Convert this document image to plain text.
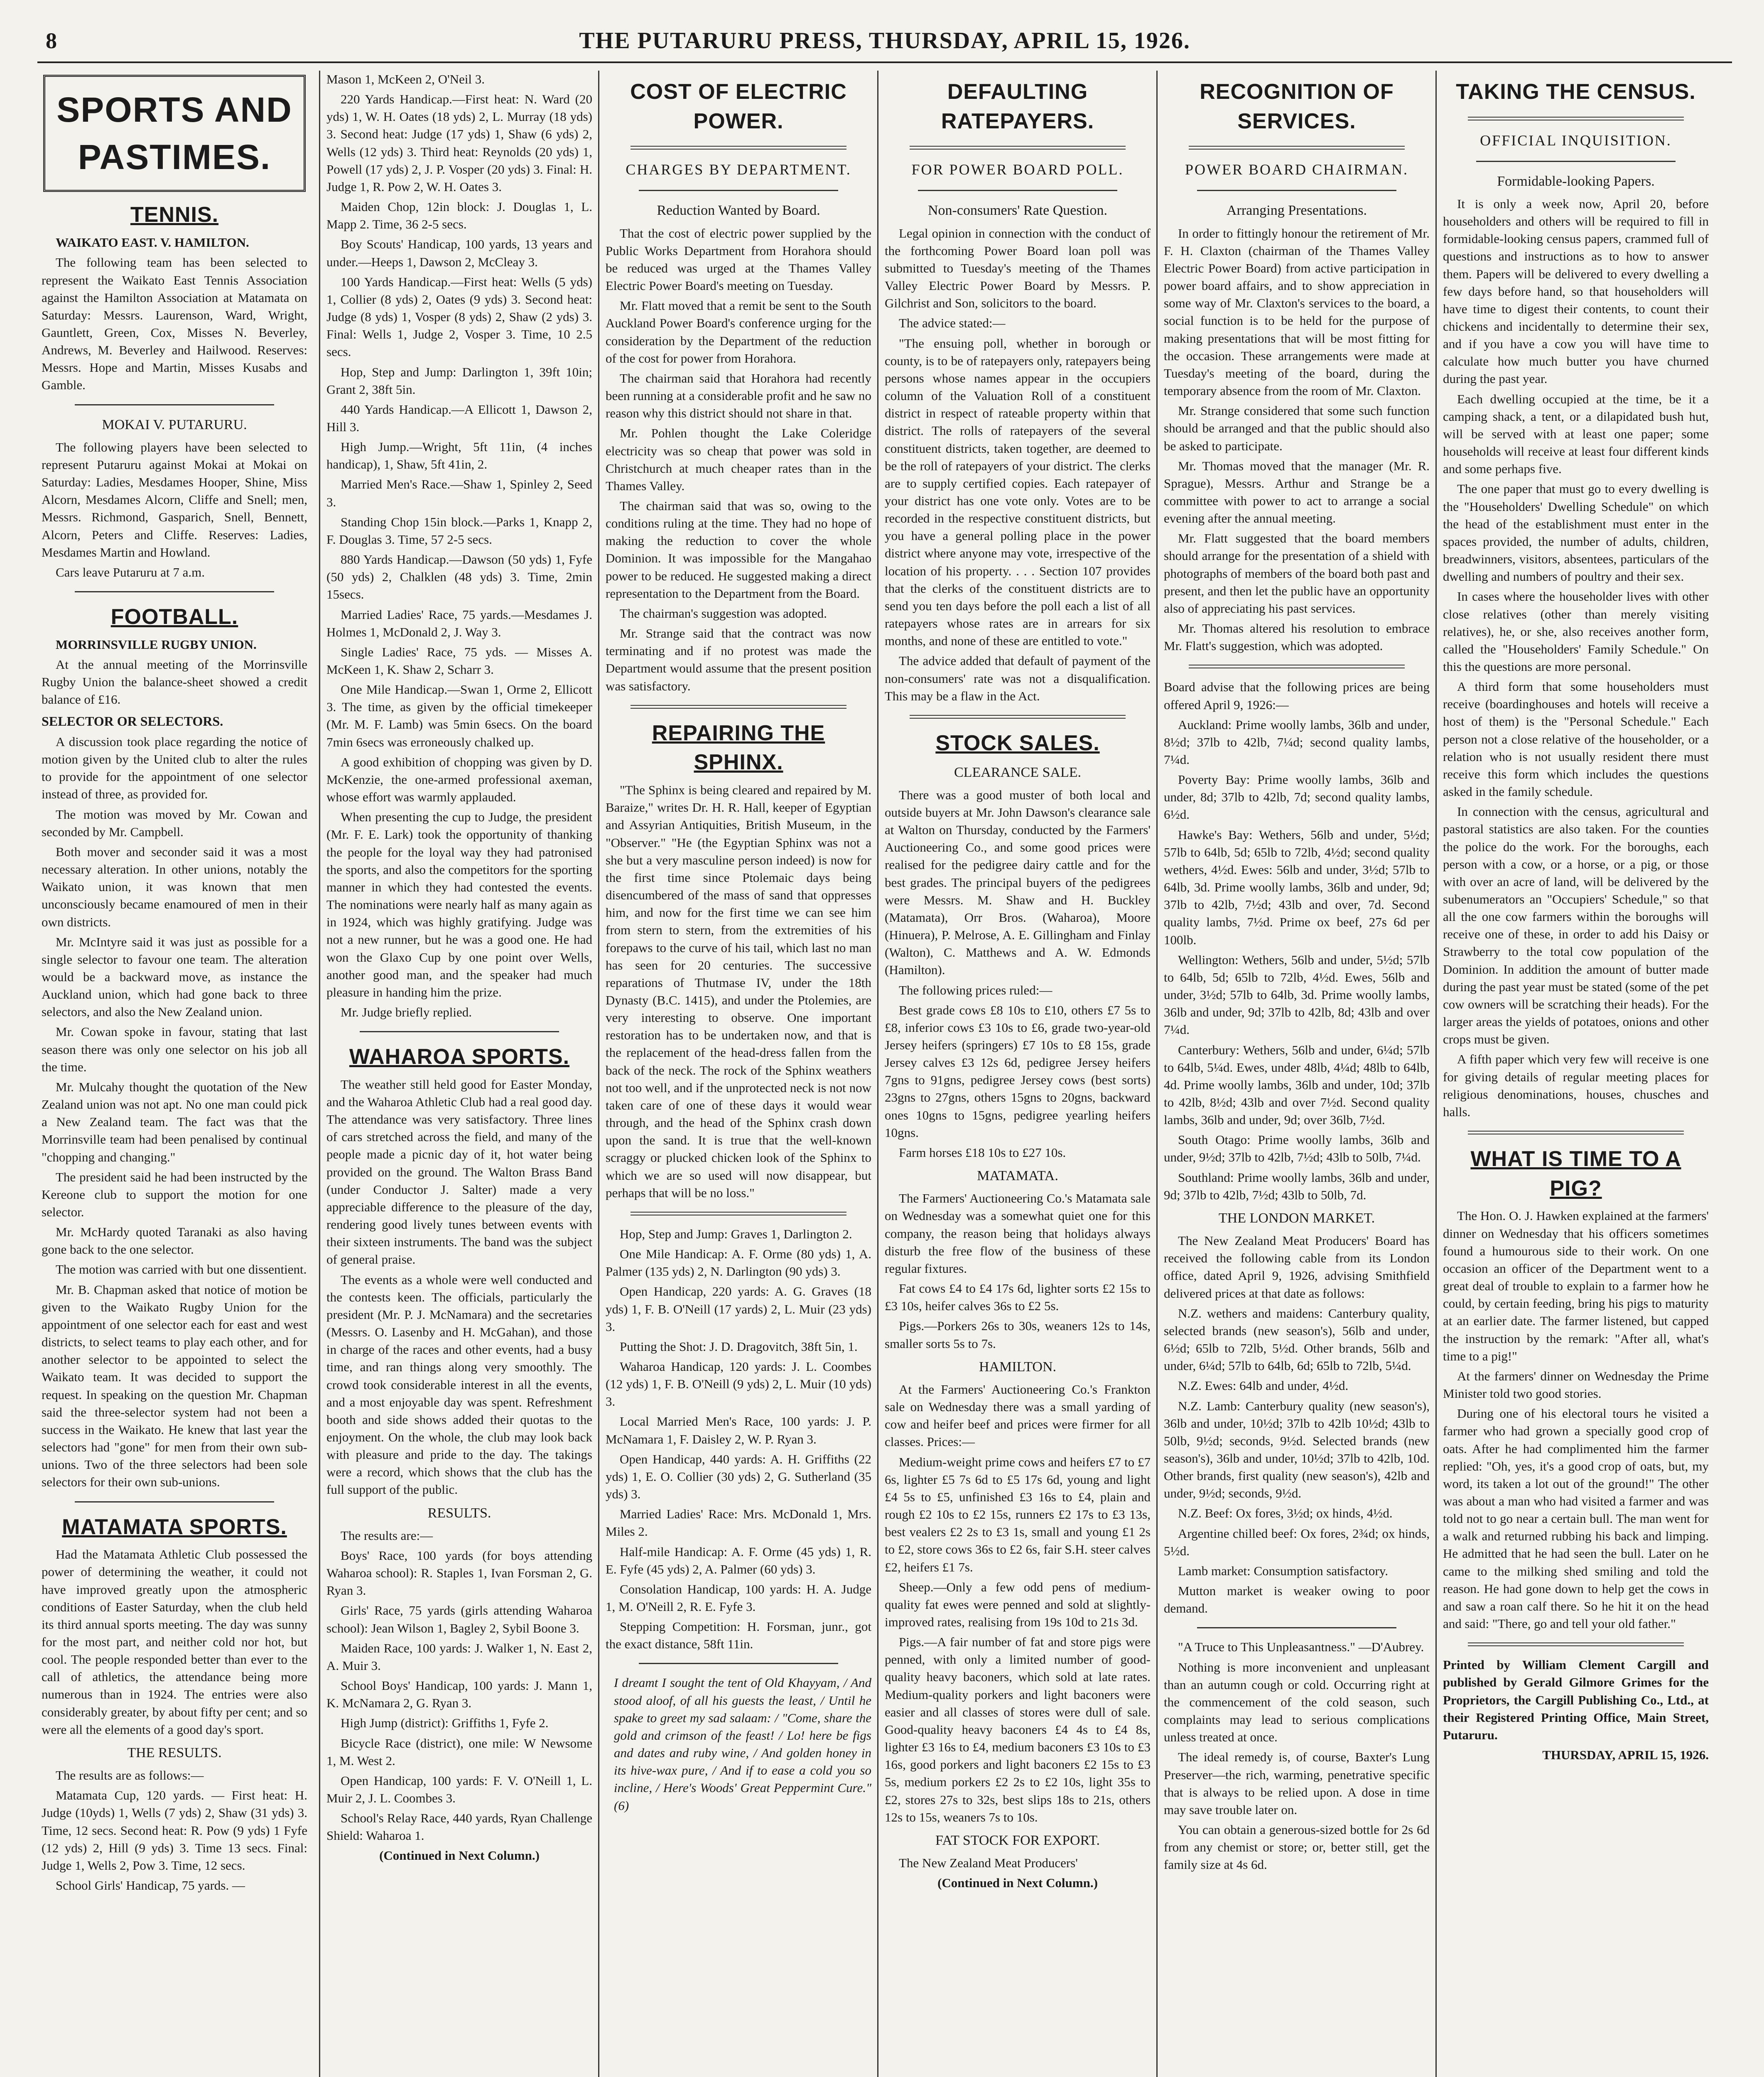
8	THE PUTARURU PRESS, THURSDAY, APRIL 15, 1926.
SPORTS AND PASTIMES.
TENNIS.

WAIKATO EAST. V. HAMILTON.

The following team has been selected to represent the Waikato East Tennis Association against the Hamilton Association at Matamata on Saturday: Messrs. Laurenson, Ward, Wright, Gauntlett, Green, Cox, Misses N. Beverley, Andrews, M. Beverley and Hailwood. Reserves: Messrs. Hope and Martin, Misses Kusabs and Gamble.

MOKAI V. PUTARURU.

The following players have been selected to represent Putaruru against Mokai at Mokai on Saturday: Ladies, Mesdames Hooper, Shine, Miss Alcorn, Mesdames Alcorn, Cliffe and Snell; men, Messrs. Richmond, Gasparich, Snell, Bennett, Alcorn, Peters and Cliffe. Reserves: Ladies, Mesdames Martin and Howland.

Cars leave Putaruru at 7 a.m.

FOOTBALL.

MORRINSVILLE RUGBY UNION.

At the annual meeting of the Morrinsville Rugby Union the balance-sheet showed a credit balance of £16.

SELECTOR OR SELECTORS.

A discussion took place regarding the notice of motion given by the United club to alter the rules to provide for the appointment of one selector instead of three, as provided for.

The motion was moved by Mr. Cowan and seconded by Mr. Campbell.

Both mover and seconder said it was a most necessary alteration. In other unions, notably the Waikato union, it was known that men unconsciously became enamoured of men in their own districts.

Mr. McIntyre said it was just as possible for a single selector to favour one team. The alteration would be a backward move, as instance the Auckland union, which had gone back to three selectors, and also the New Zealand union.

Mr. Cowan spoke in favour, stating that last season there was only one selector on his job all the time.

Mr. Mulcahy thought the quotation of the New Zealand union was not apt. No one man could pick a New Zealand team. The fact was that the Morrinsville team had been penalised by continual "chopping and changing."

The president said he had been instructed by the Kereone club to support the motion for one selector.

Mr. McHardy quoted Taranaki as also having gone back to the one selector.

The motion was carried with but one dissentient.

Mr. B. Chapman asked that notice of motion be given to the Waikato Rugby Union for the appointment of one selector each for east and west districts, to select teams to play each other, and for another selector to be appointed to select the Waikato team. It was decided to support the request. In speaking on the question Mr. Chapman said the three-selector system had not been a success in the Waikato. He knew that last year the selectors had "gone" for men from their own sub-unions. Two of the three selectors had been sole selectors for their own sub-unions.

MATAMATA SPORTS.

Had the Matamata Athletic Club possessed the power of determining the weather, it could not have improved greatly upon the atmospheric conditions of Easter Saturday, when the club held its third annual sports meeting. The day was sunny for the most part, and neither cold nor hot, but cool. The people responded better than ever to the call of athletics, the attendance being more numerous than in 1924. The entries were also considerably greater, by about fifty per cent; and so were all the elements of a good day's sport.

THE RESULTS.

The results are as follows:—

Matamata Cup, 120 yards. — First heat: H. Judge (10yds) 1, Wells (7 yds) 2, Shaw (31 yds) 3. Time, 12 secs. Second heat: R. Pow (9 yds) 1 Fyfe (12 yds) 2, Hill (9 yds) 3. Time 13 secs. Final: Judge 1, Wells 2, Pow 3. Time, 12 secs.

School Girls' Handicap, 75 yards. —

Mason 1, McKeen 2, O'Neil 3.

220 Yards Handicap.—First heat: N. Ward (20 yds) 1, W. H. Oates (18 yds) 2, L. Murray (18 yds) 3. Second heat: Judge (17 yds) 1, Shaw (6 yds) 2, Wells (12 yds) 3. Third heat: Reynolds (20 yds) 1, Powell (17 yds) 2, J. P. Vosper (20 yds) 3. Final: H. Judge 1, R. Pow 2, W. H. Oates 3.

Maiden Chop, 12in block: J. Douglas 1, L. Mapp 2. Time, 36 2-5 secs.

Boy Scouts' Handicap, 100 yards, 13 years and under.—Heeps 1, Dawson 2, McCleay 3.

100 Yards Handicap.—First heat: Wells (5 yds) 1, Collier (8 yds) 2, Oates (9 yds) 3. Second heat: Judge (8 yds) 1, Vosper (8 yds) 2, Shaw (2 yds) 3. Final: Wells 1, Judge 2, Vosper 3. Time, 10 2.5 secs.

Hop, Step and Jump: Darlington 1, 39ft 10in; Grant 2, 38ft 5in.

440 Yards Handicap.—A Ellicott 1, Dawson 2, Hill 3.

High Jump.—Wright, 5ft 11in, (4 inches handicap), 1, Shaw, 5ft 41in, 2.

Married Men's Race.—Shaw 1, Spinley 2, Seed 3.

Standing Chop 15in block.—Parks 1, Knapp 2, F. Douglas 3. Time, 57 2-5 secs.

880 Yards Handicap.—Dawson (50 yds) 1, Fyfe (50 yds) 2, Chalklen (48 yds) 3. Time, 2min 15secs.

Married Ladies' Race, 75 yards.—Mesdames J. Holmes 1, McDonald 2, J. Way 3.

Single Ladies' Race, 75 yds. — Misses A. McKeen 1, K. Shaw 2, Scharr 3.

One Mile Handicap.—Swan 1, Orme 2, Ellicott 3. The time, as given by the official timekeeper (Mr. M. F. Lamb) was 5min 6secs. On the board 7min 6secs was erroneously chalked up.

A good exhibition of chopping was given by D. McKenzie, the one-armed professional axeman, whose effort was warmly applauded.

When presenting the cup to Judge, the president (Mr. F. E. Lark) took the opportunity of thanking the people for the loyal way they had patronised the sports, and also the competitors for the sporting manner in which they had contested the events. The nominations were nearly half as many again as in 1924, which was highly gratifying. Judge was not a new runner, but he was a good one. He had won the Glaxo Cup by one point over Wells, another good man, and the speaker had much pleasure in handing him the prize.

Mr. Judge briefly replied.

WAHAROA SPORTS.

The weather still held good for Easter Monday, and the Waharoa Athletic Club had a real good day. The attendance was very satisfactory. Three lines of cars stretched across the field, and many of the people made a picnic day of it, hot water being provided on the ground. The Walton Brass Band (under Conductor J. Salter) made a very appreciable difference to the pleasure of the day, rendering good lively tunes between events with their sixteen instruments. The band was the subject of general praise.

The events as a whole were well conducted and the contests keen. The officials, particularly the president (Mr. P. J. McNamara) and the secretaries (Messrs. O. Lasenby and H. McGahan), and those in charge of the races and other events, had a busy time, and ran things along very smoothly. The crowd took considerable interest in all the events, and a most enjoyable day was spent. Refreshment booth and side shows added their quotas to the enjoyment. On the whole, the club may look back with pleasure and pride to the day. The takings were a record, which shows that the club has the full support of the public.

RESULTS.

The results are:—

Boys' Race, 100 yards (for boys attending Waharoa school): R. Staples 1, Ivan Forsman 2, G. Ryan 3.

Girls' Race, 75 yards (girls attending Waharoa school): Jean Wilson 1, Bagley 2, Sybil Boone 3.

Maiden Race, 100 yards: J. Walker 1, N. East 2, A. Muir 3.

School Boys' Handicap, 100 yards: J. Mann 1, K. McNamara 2, G. Ryan 3.

High Jump (district): Griffiths 1, Fyfe 2.

Bicycle Race (district), one mile: W Newsome 1, M. West 2.

Open Handicap, 100 yards: F. V. O'Neill 1, L. Muir 2, J. L. Coombes 3.

School's Relay Race, 440 yards, Ryan Challenge Shield: Waharoa 1.

(Continued in Next Column.)

COST OF ELECTRIC POWER.
CHARGES BY DEPARTMENT.
Reduction Wanted by Board.

That the cost of electric power supplied by the Public Works Department from Horahora should be reduced was urged at the Thames Valley Electric Power Board's meeting on Tuesday.

Mr. Flatt moved that a remit be sent to the South Auckland Power Board's conference urging for the consideration by the Department of the reduction of the cost for power from Horahora.

The chairman said that Horahora had recently been running at a considerable profit and he saw no reason why this district should not share in that.

Mr. Pohlen thought the Lake Coleridge electricity was so cheap that power was sold in Christchurch at much cheaper rates than in the Thames Valley.

The chairman said that was so, owing to the conditions ruling at the time. They had no hope of making the reduction to cover the whole Dominion. It was impossible for the Mangahao power to be reduced. He suggested making a direct representation to the Department from the Board.

The chairman's suggestion was adopted.

Mr. Strange said that the contract was now terminating and if no protest was made the Department would assume that the present position was satisfactory.

REPAIRING THE SPHINX.

"The Sphinx is being cleared and repaired by M. Baraize," writes Dr. H. R. Hall, keeper of Egyptian and Assyrian Antiquities, British Museum, in the "Observer." "He (the Egyptian Sphinx was not a she but a very masculine person indeed) is now for the first time since Ptolemaic days being disencumbered of the mass of sand that oppresses him, and now for the first time we can see him from stern to stern, from the extremities of his forepaws to the curve of his tail, which last no man has seen for 20 centuries. The successive reparations of Thutmase IV, under the 18th Dynasty (B.C. 1415), and under the Ptolemies, are very interesting to observe. One important restoration has to be undertaken now, and that is the replacement of the head-dress fallen from the back of the neck. The rock of the Sphinx weathers not too well, and if the unprotected neck is not now taken care of one of these days it would wear through, and the head of the Sphinx crash down upon the sand. It is true that the well-known scraggy or plucked chicken look of the Sphinx to which we are so used will now disappear, but perhaps that will be no loss."

Hop, Step and Jump: Graves 1, Darlington 2.

One Mile Handicap: A. F. Orme (80 yds) 1, A. Palmer (135 yds) 2, N. Darlington (90 yds) 3.

Open Handicap, 220 yards: A. G. Graves (18 yds) 1, F. B. O'Neill (17 yards) 2, L. Muir (23 yds) 3.

Putting the Shot: J. D. Dragovitch, 38ft 5in, 1.

Waharoa Handicap, 120 yards: J. L. Coombes (12 yds) 1, F. B. O'Neill (9 yds) 2, L. Muir (10 yds) 3.

Local Married Men's Race, 100 yards: J. P. McNamara 1, F. Daisley 2, W. P. Ryan 3.

Open Handicap, 440 yards: A. H. Griffiths (22 yds) 1, E. O. Collier (30 yds) 2, G. Sutherland (35 yds) 3.

Married Ladies' Race: Mrs. McDonald 1, Mrs. Miles 2.

Half-mile Handicap: A. F. Orme (45 yds) 1, R. E. Fyfe (45 yds) 2, A. Palmer (60 yds) 3.

Consolation Handicap, 100 yards: H. A. Judge 1, M. O'Neill 2, R. E. Fyfe 3.

Stepping Competition: H. Forsman, junr., got the exact distance, 58ft 11in.

I dreamt I sought the tent of Old Khayyam, / And stood aloof, of all his guests the least, / Until he spake to greet my sad salaam: / "Come, share the gold and crimson of the feast! / Lo! here be figs and dates and ruby wine, / And golden honey in its hive-wax pure, / And if to ease a cold you so incline, / Here's Woods' Great Peppermint Cure." (6)

DEFAULTING RATEPAYERS.
FOR POWER BOARD POLL.
Non-consumers' Rate Question.

Legal opinion in connection with the conduct of the forthcoming Power Board loan poll was submitted to Tuesday's meeting of the Thames Valley Electric Power Board by Messrs. P. Gilchrist and Son, solicitors to the board.

The advice stated:—

"The ensuing poll, whether in borough or county, is to be of ratepayers only, ratepayers being persons whose names appear in the occupiers column of the Valuation Roll of a constituent district in respect of rateable property within that district. The rolls of ratepayers of the several constituent districts, taken together, are deemed to be the roll of ratepayers of your district. The clerks are to supply certified copies. Each ratepayer of your district has one vote only. Votes are to be recorded in the respective constituent districts, but you have a general polling place in the power district where anyone may vote, irrespective of the location of his property. . . . Section 107 provides that the clerks of the constituent districts are to send you ten days before the poll each a list of all ratepayers whose rates are in arrears for six months, and none of these are entitled to vote."

The advice added that default of payment of the non-consumers' rate was not a disqualification. This may be a flaw in the Act.

STOCK SALES.
CLEARANCE SALE.

There was a good muster of both local and outside buyers at Mr. John Dawson's clearance sale at Walton on Thursday, conducted by the Farmers' Auctioneering Co., and some good prices were realised for the pedigree dairy cattle and for the best grades. The principal buyers of the pedigrees were Messrs. M. Shaw and H. Buckley (Matamata), Orr Bros. (Waharoa), Moore (Hinuera), P. Melrose, A. E. Gillingham and Finlay (Walton), C. Matthews and A. W. Edmonds (Hamilton).

The following prices ruled:—

Best grade cows £8 10s to £10, others £7 5s to £8, inferior cows £3 10s to £6, grade two-year-old Jersey heifers (springers) £7 10s to £8 15s, grade Jersey calves £3 12s 6d, pedigree Jersey heifers 7gns to 91gns, pedigree Jersey cows (best sorts) 23gns to 27gns, others 15gns to 20gns, backward ones 10gns to 15gns, pedigree yearling heifers 10gns.

Farm horses £18 10s to £27 10s.

MATAMATA.

The Farmers' Auctioneering Co.'s Matamata sale on Wednesday was a somewhat quiet one for this company, the reason being that holidays always disturb the free flow of the business of these regular fixtures.

Fat cows £4 to £4 17s 6d, lighter sorts £2 15s to £3 10s, heifer calves 36s to £2 5s.

Pigs.—Porkers 26s to 30s, weaners 12s to 14s, smaller sorts 5s to 7s.

HAMILTON.

At the Farmers' Auctioneering Co.'s Frankton sale on Wednesday there was a small yarding of cow and heifer beef and prices were firmer for all classes. Prices:—

Medium-weight prime cows and heifers £7 to £7 6s, lighter £5 7s 6d to £5 17s 6d, young and light £4 5s to £5, unfinished £3 16s to £4, plain and rough £2 10s to £2 15s, runners £2 17s to £3 13s, best vealers £2 2s to £3 1s, small and young £1 2s to £2, store cows 36s to £2 6s, fair S.H. steer calves £2, heifers £1 7s.

Sheep.—Only a few odd pens of medium-quality fat ewes were penned and sold at slightly-improved rates, realising from 19s 10d to 21s 3d.

Pigs.—A fair number of fat and store pigs were penned, with only a limited number of good-quality heavy baconers, which sold at late rates. Medium-quality porkers and light baconers were easier and all classes of stores were dull of sale. Good-quality heavy baconers £4 4s to £4 8s, lighter £3 16s to £4, medium baconers £3 10s to £3 16s, good porkers and light baconers £2 15s to £3 5s, medium porkers £2 2s to £2 10s, light 35s to £2, stores 27s to 32s, best slips 18s to 21s, others 12s to 15s, weaners 7s to 10s.

FAT STOCK FOR EXPORT.

The New Zealand Meat Producers'

(Continued in Next Column.)

RECOGNITION OF SERVICES.
POWER BOARD CHAIRMAN.
Arranging Presentations.

In order to fittingly honour the retirement of Mr. F. H. Claxton (chairman of the Thames Valley Electric Power Board) from active participation in power board affairs, and to show appreciation in some way of Mr. Claxton's services to the board, a social function is to be held for the purpose of making presentations that will be most fitting for the occasion. These arrangements were made at Tuesday's meeting of the board, during the temporary absence from the room of Mr. Claxton.

Mr. Strange considered that some such function should be arranged and that the public should also be asked to participate.

Mr. Thomas moved that the manager (Mr. R. Sprague), Messrs. Arthur and Strange be a committee with power to act to arrange a social evening after the annual meeting.

Mr. Flatt suggested that the board members should arrange for the presentation of a shield with photographs of members of the board both past and present, and then let the public have an opportunity also of appreciating his past services.

Mr. Thomas altered his resolution to embrace Mr. Flatt's suggestion, which was adopted.

Board advise that the following prices are being offered April 9, 1926:—

Auckland: Prime woolly lambs, 36lb and under, 8½d; 37lb to 42lb, 7¼d; second quality lambs, 7¼d.

Poverty Bay: Prime woolly lambs, 36lb and under, 8d; 37lb to 42lb, 7d; second quality lambs, 6½d.

Hawke's Bay: Wethers, 56lb and under, 5½d; 57lb to 64lb, 5d; 65lb to 72lb, 4½d; second quality wethers, 4½d. Ewes: 56lb and under, 3½d; 57lb to 64lb, 3d. Prime woolly lambs, 36lb and under, 9d; 37lb to 42lb, 7½d; 43lb and over, 7d. Second quality lambs, 7½d. Prime ox beef, 27s 6d per 100lb.

Wellington: Wethers, 56lb and under, 5½d; 57lb to 64lb, 5d; 65lb to 72lb, 4½d. Ewes, 56lb and under, 3½d; 57lb to 64lb, 3d. Prime woolly lambs, 36lb and under, 9d; 37lb to 42lb, 8d; 43lb and over 7¼d.

Canterbury: Wethers, 56lb and under, 6¼d; 57lb to 64lb, 5¼d. Ewes, under 48lb, 4¼d; 48lb to 64lb, 4d. Prime woolly lambs, 36lb and under, 10d; 37lb to 42lb, 8½d; 43lb and over 7½d. Second quality lambs, 36lb and under, 9d; over 36lb, 7½d.

South Otago: Prime woolly lambs, 36lb and under, 9½d; 37lb to 42lb, 7½d; 43lb to 50lb, 7¼d.

Southland: Prime woolly lambs, 36lb and under, 9d; 37lb to 42lb, 7½d; 43lb to 50lb, 7d.

THE LONDON MARKET.

The New Zealand Meat Producers' Board has received the following cable from its London office, dated April 9, 1926, advising Smithfield delivered prices at that date as follows:

N.Z. wethers and maidens: Canterbury quality, selected brands (new season's), 56lb and under, 6½d; 65lb to 72lb, 5½d. Other brands, 56lb and under, 6¼d; 57lb to 64lb, 6d; 65lb to 72lb, 5¼d.

N.Z. Ewes: 64lb and under, 4½d.

N.Z. Lamb: Canterbury quality (new season's), 36lb and under, 10½d; 37lb to 42lb 10½d; 43lb to 50lb, 9½d; seconds, 9½d. Selected brands (new season's), 36lb and under, 10½d; 37lb to 42lb, 10d. Other brands, first quality (new season's), 42lb and under, 9½d; seconds, 9½d.

N.Z. Beef: Ox fores, 3½d; ox hinds, 4½d.

Argentine chilled beef: Ox fores, 2¾d; ox hinds, 5½d.

Lamb market: Consumption satisfactory.

Mutton market is weaker owing to poor demand.

"A Truce to This Unpleasantness." —D'Aubrey.

Nothing is more inconvenient and unpleasant than an autumn cough or cold. Occurring right at the commencement of the cold season, such complaints may lead to serious complications unless treated at once.

The ideal remedy is, of course, Baxter's Lung Preserver—the rich, warming, penetrative specific that is always to be relied upon. A dose in time may save trouble later on.

You can obtain a generous-sized bottle for 2s 6d from any chemist or store; or, better still, get the family size at 4s 6d.

TAKING THE CENSUS.
OFFICIAL INQUISITION.
Formidable-looking Papers.

It is only a week now, April 20, before householders and others will be required to fill in formidable-looking census papers, crammed full of questions and instructions as to how to answer them. Papers will be delivered to every dwelling a few days before hand, so that householders will have time to digest their contents, to count their chickens and incidentally to determine their sex, and if you have a cow you will have time to calculate how much butter you have churned during the past year.

Each dwelling occupied at the time, be it a camping shack, a tent, or a dilapidated bush hut, will be served with at least one paper; some households will receive at least four different kinds and some perhaps five.

The one paper that must go to every dwelling is the "Householders' Dwelling Schedule" on which the head of the establishment must enter in the spaces provided, the number of adults, children, breadwinners, visitors, absentees, particulars of the dwelling and numbers of poultry and their sex.

In cases where the householder lives with other close relatives (other than merely visiting relatives), he, or she, also receives another form, called the "Householders' Family Schedule." On this the questions are more personal.

A third form that some householders must receive (boardinghouses and hotels will receive a host of them) is the "Personal Schedule." Each person not a close relative of the householder, or a relation who is not usually resident there must receive this form which includes the questions asked in the family schedule.

In connection with the census, agricultural and pastoral statistics are also taken. For the counties the police do the work. For the boroughs, each person with a cow, or a horse, or a pig, or those with over an acre of land, will be delivered by the subenumerators an "Occupiers' Schedule," so that all the one cow farmers within the boroughs will receive one of these, in order to add his Daisy or Strawberry to the total cow population of the Dominion. In addition the amount of butter made during the past year must be stated (some of the pet cow owners will be scratching their heads). For the larger areas the yields of potatoes, onions and other crops must be given.

A fifth paper which very few will receive is one for giving details of regular meeting places for religious denominations, houses, chusches and halls.

WHAT IS TIME TO A PIG?

The Hon. O. J. Hawken explained at the farmers' dinner on Wednesday that his officers sometimes found a humourous side to their work. On one occasion an officer of the Department went to a great deal of trouble to explain to a farmer how he could, by certain feeding, bring his pigs to maturity at an earlier date. The farmer listened, but capped the instruction by the remark: "After all, what's time to a pig!"

At the farmers' dinner on Wednesday the Prime Minister told two good stories.

During one of his electoral tours he visited a farmer who had grown a specially good crop of oats. After he had complimented him the farmer replied: "Oh, yes, it's a good crop of oats, but, my word, its taken a lot out of the ground!" The other was about a man who had visited a farmer and was told not to go near a certain bull. The man went for a walk and returned rubbing his back and limping. He admitted that he had seen the bull. Later on he came to the milking shed smiling and told the reason. He had gone down to help get the cows in and saw a roan calf there. So he hit it on the head and said: "There, go and tell your old father."

Printed by William Clement Cargill and published by Gerald Gilmore Grimes for the Proprietors, the Cargill Publishing Co., Ltd., at their Registered Printing Office, Main Street, Putaruru.

THURSDAY, APRIL 15, 1926.
